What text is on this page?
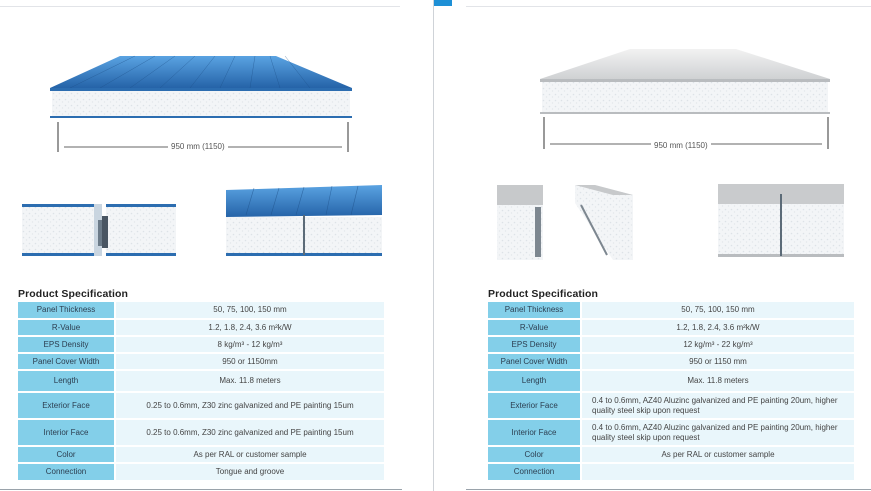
950 mm (1150)
Product Specification
Panel Thickness	50, 75, 100, 150 mm
R-Value	1.2, 1.8, 2.4, 3.6 m²k/W
EPS Density	8 kg/m³ - 12 kg/m³
Panel Cover Width	950 or 1150mm
Length	Max. 11.8 meters
Exterior Face	0.25 to 0.6mm, Z30 zinc galvanized and PE painting 15um
Interior Face	0.25 to 0.6mm, Z30 zinc galvanized and PE painting 15um
Color	As per RAL or customer sample
Connection	Tongue and groove
950 mm (1150)
Product Specification
Panel Thickness	50, 75, 100, 150 mm
R-Value	1.2, 1.8, 2.4, 3.6 m²k/W
EPS Density	12 kg/m³ - 22 kg/m³
Panel Cover Width	950 or 1150 mm
Length	Max. 11.8 meters
Exterior Face	0.4 to 0.6mm, AZ40 Aluzinc galvanized and PE painting 20um, higher quality steel skip upon request
Interior Face	0.4 to 0.6mm, AZ40 Aluzinc galvanized and PE painting 20um, higher quality steel skip upon request
Color	As per RAL or customer sample
Connection	
